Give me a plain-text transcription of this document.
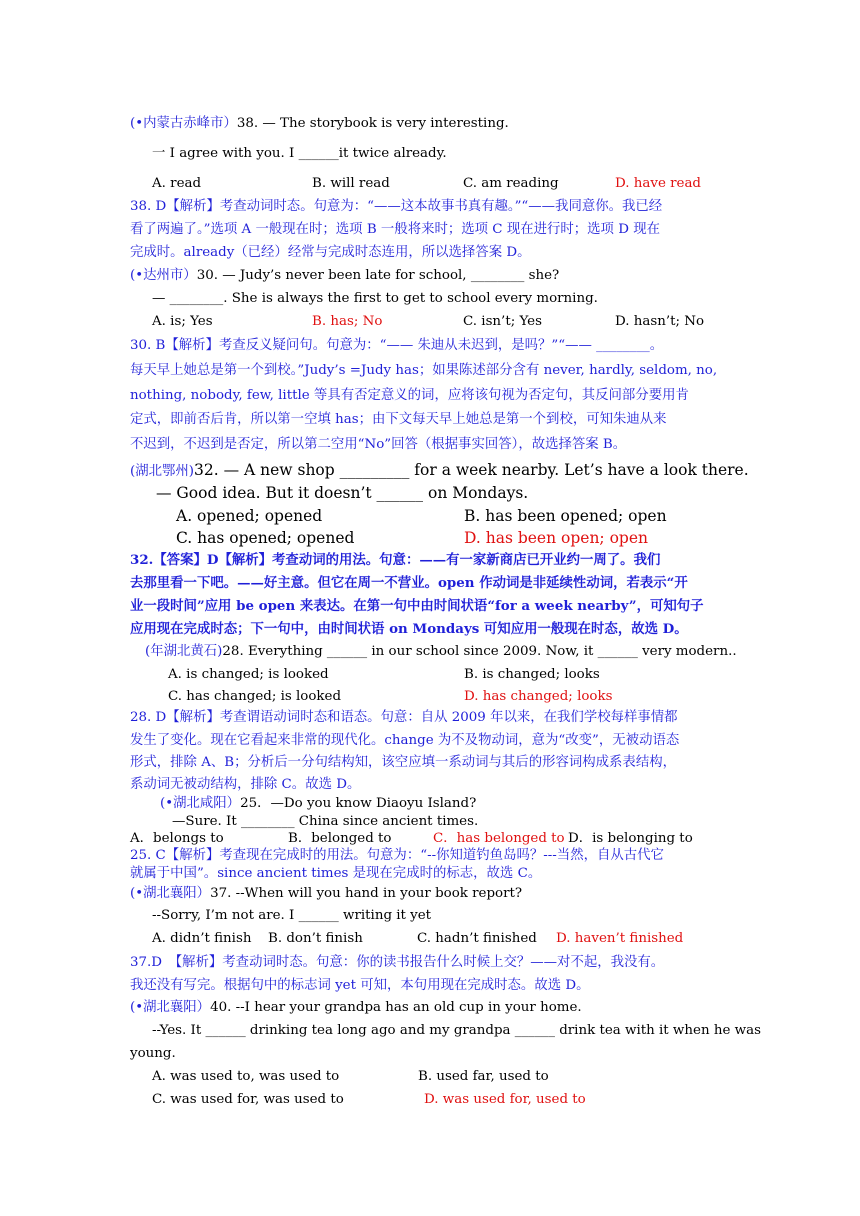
(•内蒙古赤峰市）38. — The storybook is very interesting.
一 I agree with you. I ______it twice already.
A. read	B. will read	C. am reading	D. have read
38. D【解析】考查动词时态。句意为：“——这本故事书真有趣。”“——我同意你。我已经
看了两遍了。”选项 A 一般现在时；选项 B 一般将来时；选项 C 现在进行时；选项 D 现在
完成时。already（已经）经常与完成时态连用，所以选择答案 D。
(•达州市）30. — Judy’s never been late for school, ________ she?
— ________. She is always the first to get to school every morning.
A. is; Yes	B. has; No	C. isn’t; Yes	D. hasn’t; No
30. B【解析】考查反义疑问句。句意为：“—— 朱迪从未迟到，是吗？”“—— ________。
每天早上她总是第一个到校。”Judy’s =Judy has；如果陈述部分含有 never, hardly, seldom, no,
nothing, nobody, few, little 等具有否定意义的词，应将该句视为否定句，其反问部分要用肯
定式，即前否后肯，所以第一空填 has；由下文每天早上她总是第一个到校，可知朱迪从来
不迟到，不迟到是否定，所以第二空用“No”回答（根据事实回答），故选择答案 B。
(湖北鄂州)32. — A new shop _________ for a week nearby. Let’s have a look there.
— Good idea. But it doesn’t ______ on Mondays.
A. opened; opened	B. has been opened; open
C. has opened; opened	D. has been open; open
32.【答案】D【解析】考查动词的用法。句意：——有一家新商店已开业约一周了。我们
去那里看一下吧。——好主意。但它在周一不营业。open 作动词是非延续性动词，若表示“开
业一段时间”应用 be open 来表达。在第一句中由时间状语“for a week nearby”，可知句子
应用现在完成时态；下一句中，由时间状语 on Mondays 可知应用一般现在时态，故选 D。
(年湖北黄石)28. Everything ______ in our school since 2009. Now, it ______ very modern..
A. is changed; is looked	B. is changed; looks
C. has changed; is looked	D. has changed; looks
28. D【解析】考查谓语动词时态和语态。句意：自从 2009 年以来，在我们学校每样事情都
发生了变化。现在它看起来非常的现代化。change 为不及物动词，意为“改变”，无被动语态
形式，排除 A、B；分析后一分句结构知，该空应填一系动词与其后的形容词构成系表结构，
系动词无被动结构，排除 C。故选 D。
(•湖北咸阳）25．—Do you know Diaoyu Island?
—Sure. It ________ China since ancient times.
A．belongs to	B．belonged to	C．has belonged to D．is belonging to
25. C【解析】考查现在完成时的用法。句意为：“--你知道钓鱼岛吗？---当然，自从古代它
就属于中国”。since ancient times 是现在完成时的标志，故选 C。
(•湖北襄阳）37. --When will you hand in your book report?
--Sorry, I’m not are. I ______ writing it yet
A. didn’t finish B. don’t finish	C. hadn’t finished D. haven’t finished
37.D　【解析】考查动词时态。句意：你的读书报告什么时候上交？——对不起，我没有。
我还没有写完。根据句中的标志词 yet 可知，本句用现在完成时态。故选 D。
(•湖北襄阳）40. --I hear your grandpa has an old cup in your home.
--Yes. It ______ drinking tea long ago and my grandpa ______ drink tea with it when he was
young.
A. was used to, was used to	B. used far, used to
C. was used for, was used to	D. was used for, used to
